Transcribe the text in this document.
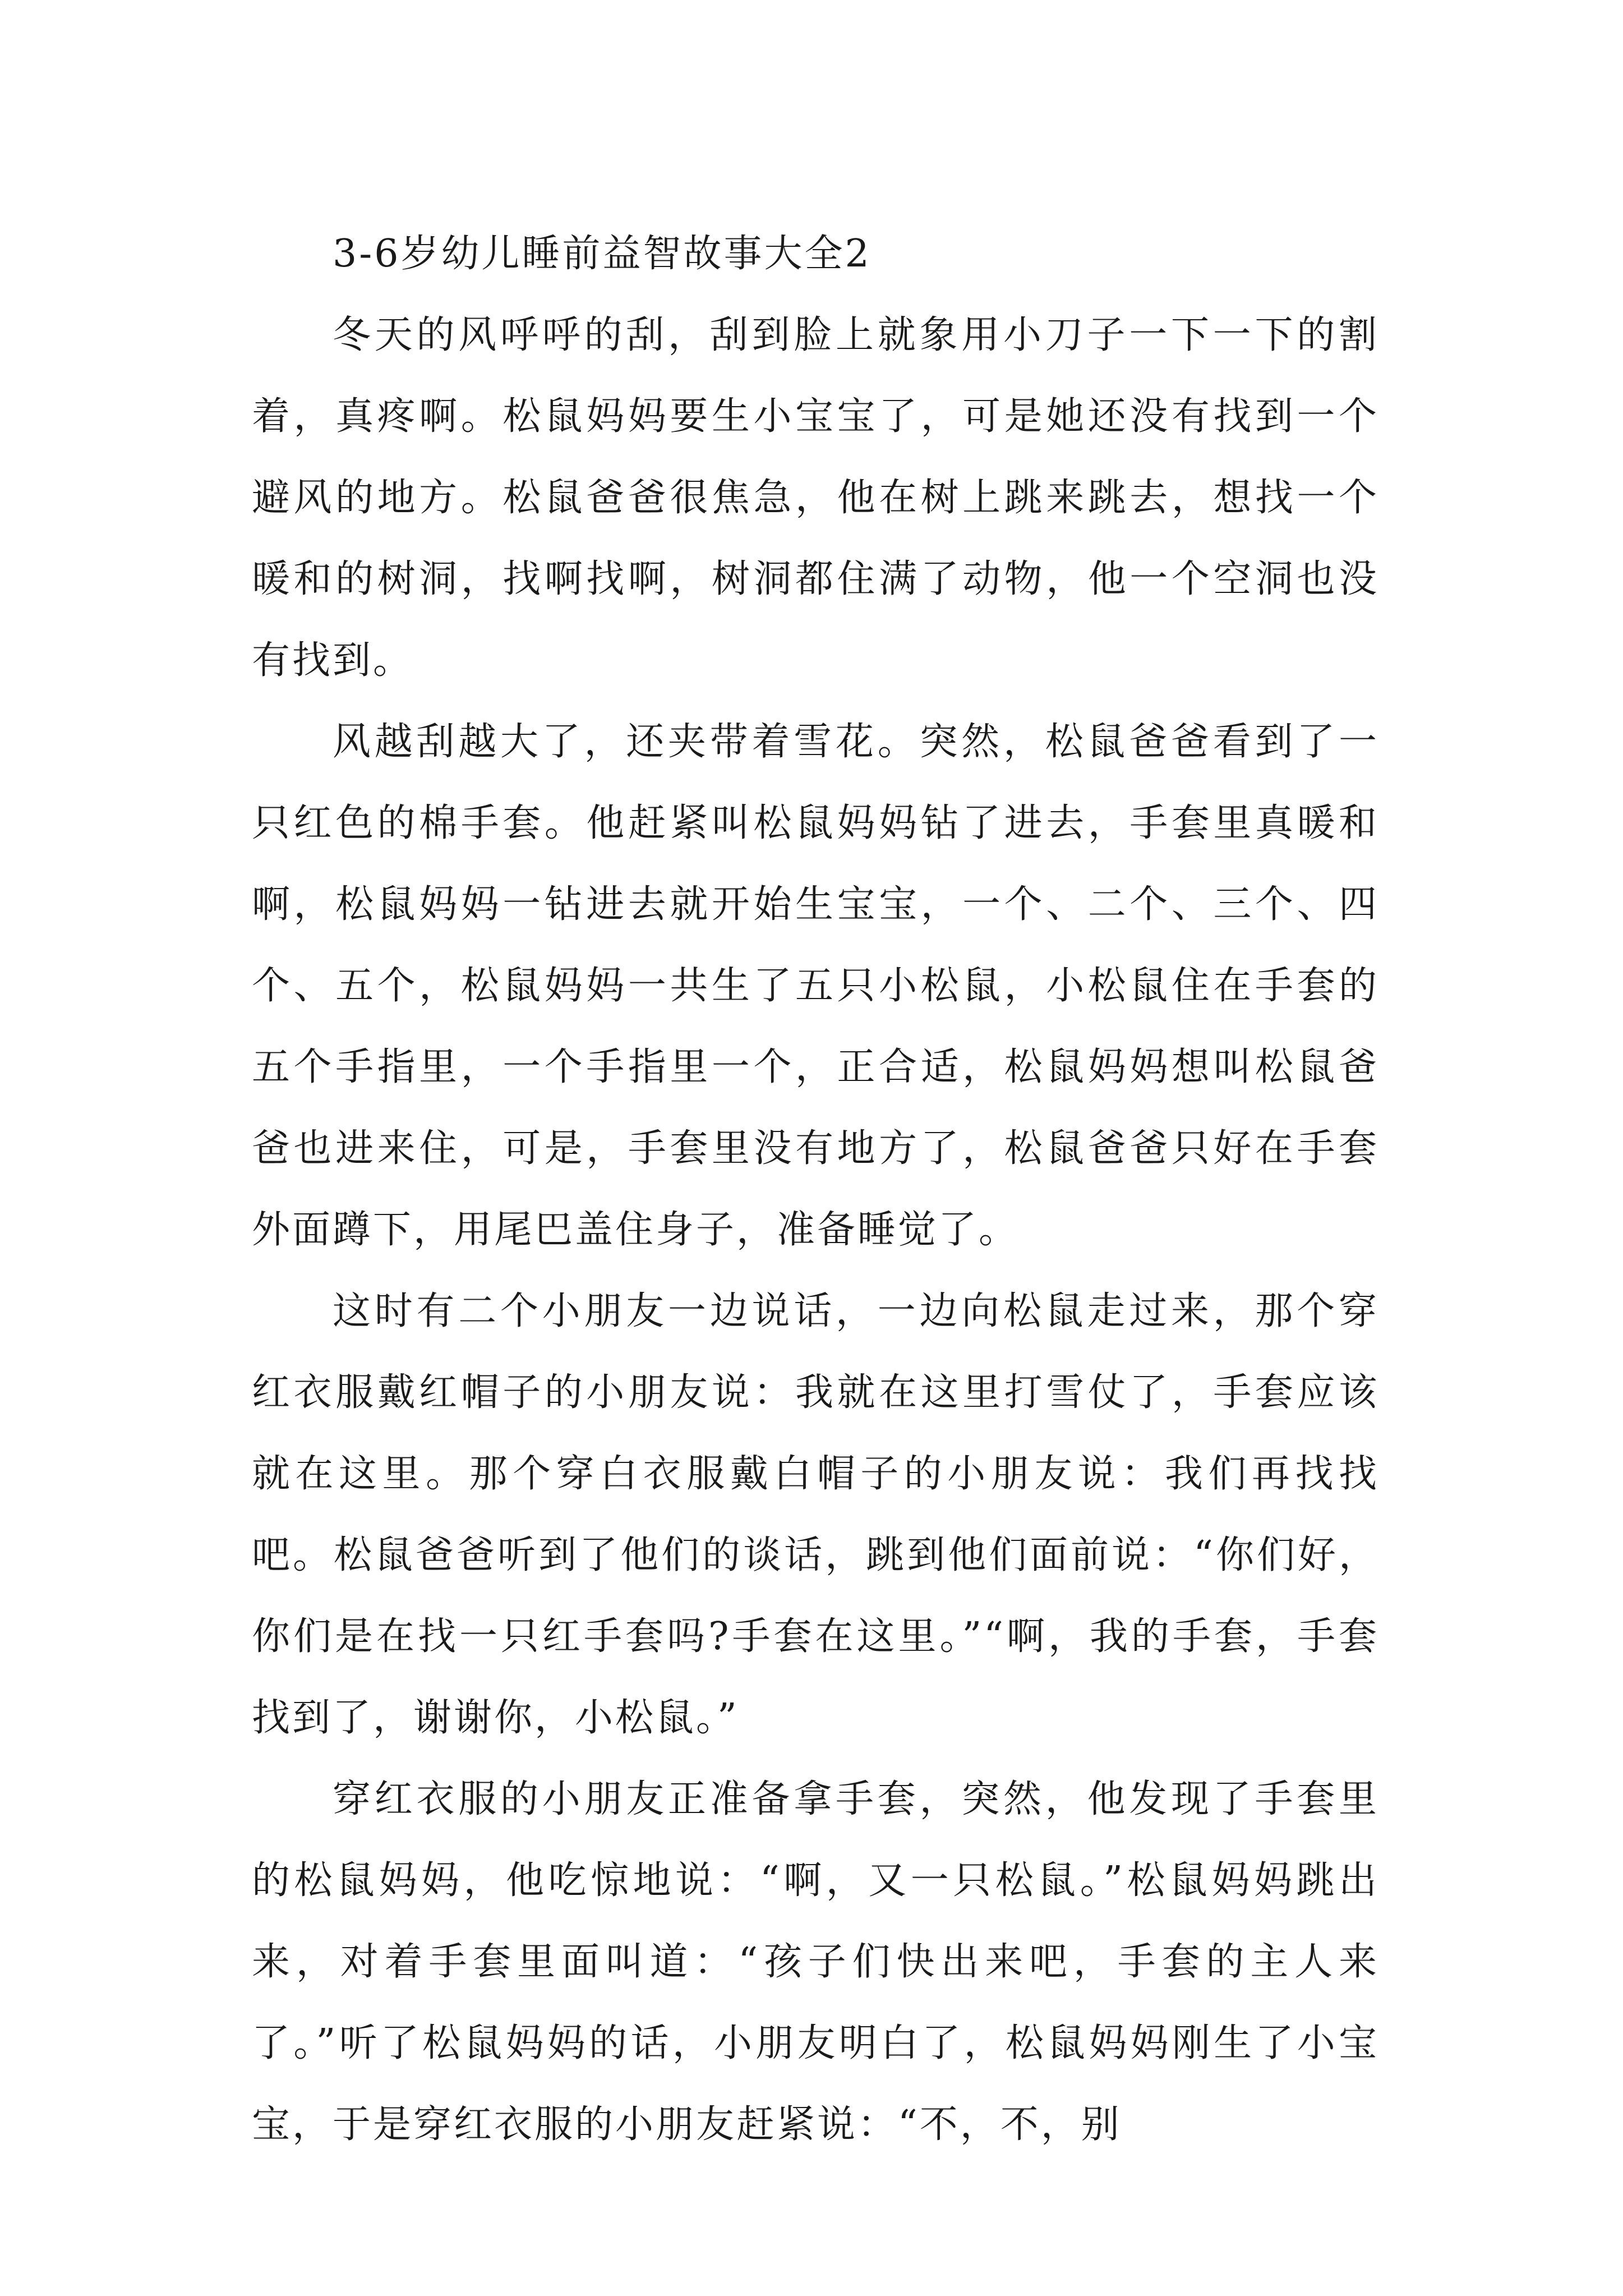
3-6岁幼儿睡前益智故事大全2

冬天的风呼呼的刮，刮到脸上就象用小刀子一下一下的割着，真疼啊。松鼠妈妈要生小宝宝了，可是她还没有找到一个避风的地方。松鼠爸爸很焦急，他在树上跳来跳去，想找一个暖和的树洞，找啊找啊，树洞都住满了动物，他一个空洞也没有找到。

风越刮越大了，还夹带着雪花。突然，松鼠爸爸看到了一只红色的棉手套。他赶紧叫松鼠妈妈钻了进去，手套里真暖和啊，松鼠妈妈一钻进去就开始生宝宝，一个、二个、三个、四个、五个，松鼠妈妈一共生了五只小松鼠，小松鼠住在手套的五个手指里，一个手指里一个，正合适，松鼠妈妈想叫松鼠爸爸也进来住，可是，手套里没有地方了，松鼠爸爸只好在手套外面蹲下，用尾巴盖住身子，准备睡觉了。

这时有二个小朋友一边说话，一边向松鼠走过来，那个穿红衣服戴红帽子的小朋友说：我就在这里打雪仗了，手套应该就在这里。那个穿白衣服戴白帽子的小朋友说：我们再找找吧。松鼠爸爸听到了他们的谈话，跳到他们面前说：“你们好，你们是在找一只红手套吗?手套在这里。”“啊，我的手套，手套找到了，谢谢你，小松鼠。”

穿红衣服的小朋友正准备拿手套，突然，他发现了手套里的松鼠妈妈，他吃惊地说：“啊，又一只松鼠。”松鼠妈妈跳出来，对着手套里面叫道：“孩子们快出来吧，手套的主人来了。”听了松鼠妈妈的话，小朋友明白了，松鼠妈妈刚生了小宝宝，于是穿红衣服的小朋友赶紧说：“不，不，别
